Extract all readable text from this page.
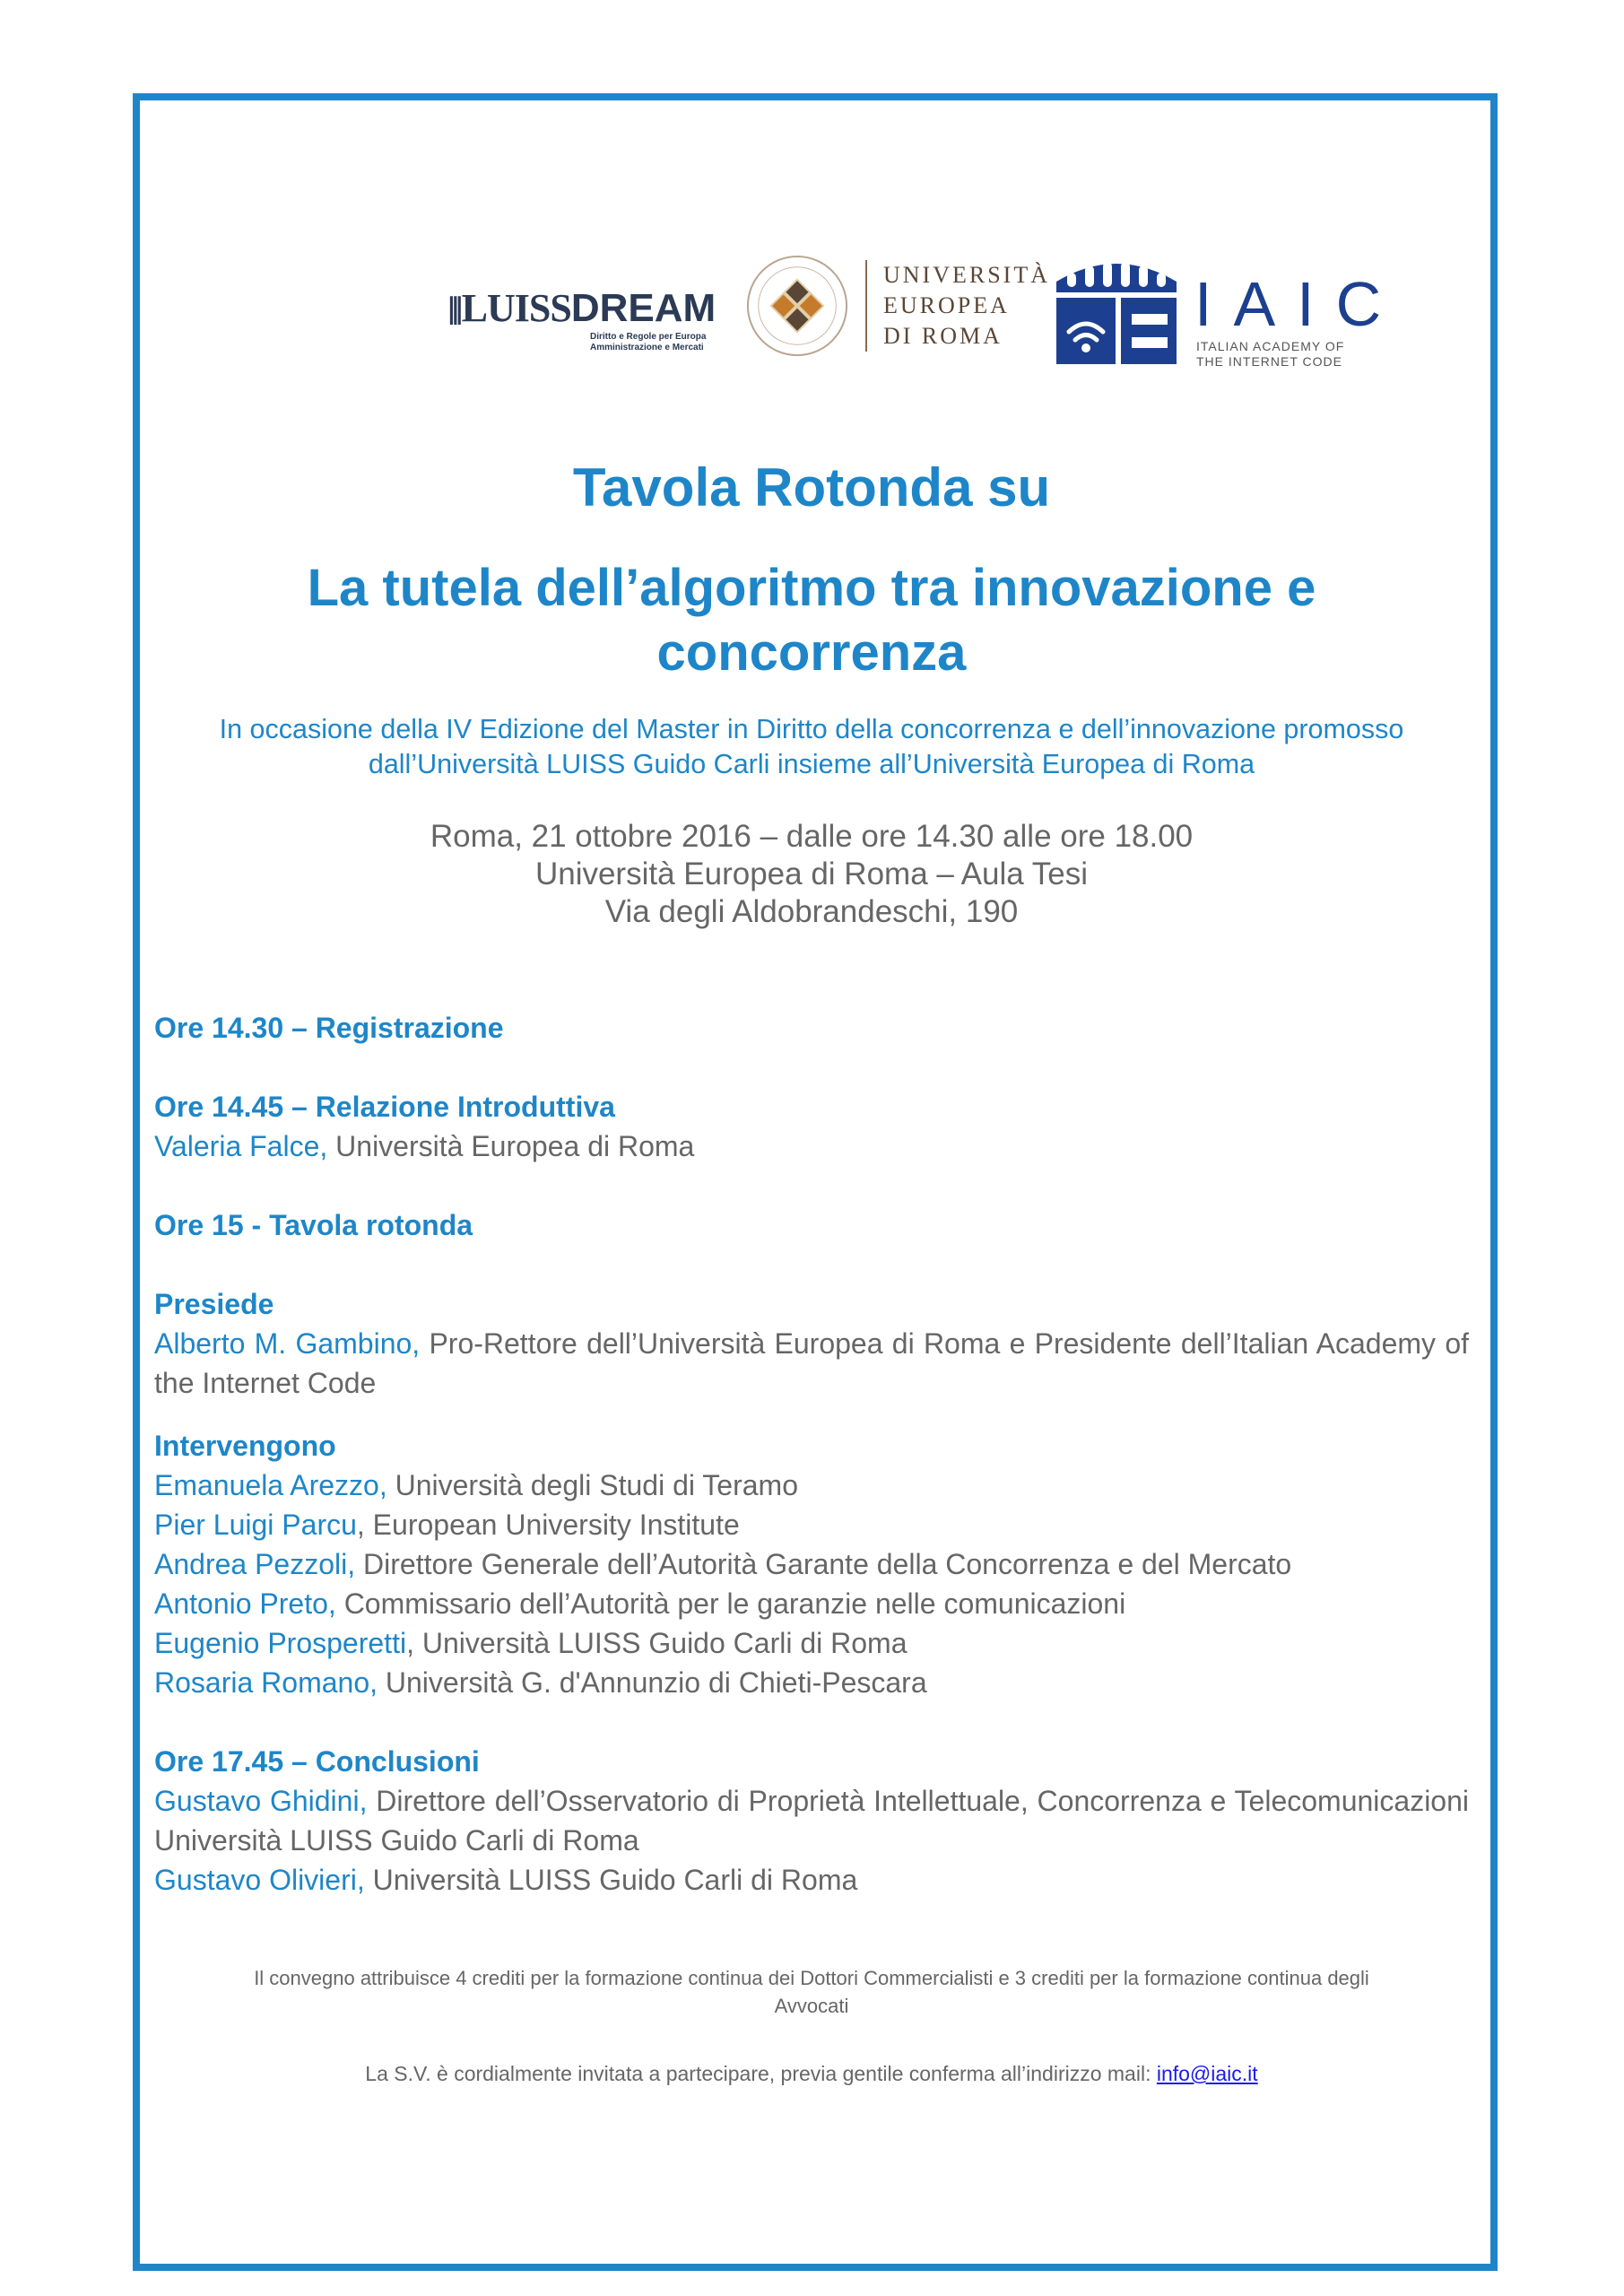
⫼LUISSDREAM
Diritto e Regole per Europa
Amministrazione e Mercati
UNIVERSITÀ
EUROPEA
DI ROMA	IAIC
ITALIAN ACADEMY OF
THE INTERNET CODE
Tavola Rotonda su
La tutela dell’algoritmo tra innovazione e
concorrenza
In occasione della IV Edizione del Master in Diritto della concorrenza e dell’innovazione promosso
dall’Università LUISS Guido Carli insieme all’Università Europea di Roma
Roma, 21 ottobre 2016 – dalle ore 14.30 alle ore 18.00
Università Europea di Roma – Aula Tesi
Via degli Aldobrandeschi, 190
Ore 14.30 – Registrazione
Ore 14.45 – Relazione Introduttiva
Valeria Falce, Università Europea di Roma
Ore 15 - Tavola rotonda
Presiede
Alberto M. Gambino, Pro-Rettore dell’Università Europea di Roma e Presidente dell’Italian Academy of the Internet Code
Intervengono
Emanuela Arezzo, Università degli Studi di Teramo
Pier Luigi Parcu, European University Institute
Andrea Pezzoli, Direttore Generale dell’Autorità Garante della Concorrenza e del Mercato
Antonio Preto, Commissario dell’Autorità per le garanzie nelle comunicazioni
Eugenio Prosperetti, Università LUISS Guido Carli di Roma
Rosaria Romano, Università G. d'Annunzio di Chieti-Pescara
Ore 17.45 – Conclusioni
Gustavo Ghidini, Direttore dell’Osservatorio di Proprietà Intellettuale, Concorrenza e Telecomunicazioni Università LUISS Guido Carli di Roma
Gustavo Olivieri, Università LUISS Guido Carli di Roma
Il convegno attribuisce 4 crediti per la formazione continua dei Dottori Commercialisti e 3 crediti per la formazione continua degli
Avvocati
La S.V. è cordialmente invitata a partecipare, previa gentile conferma all’indirizzo mail: info@iaic.it
